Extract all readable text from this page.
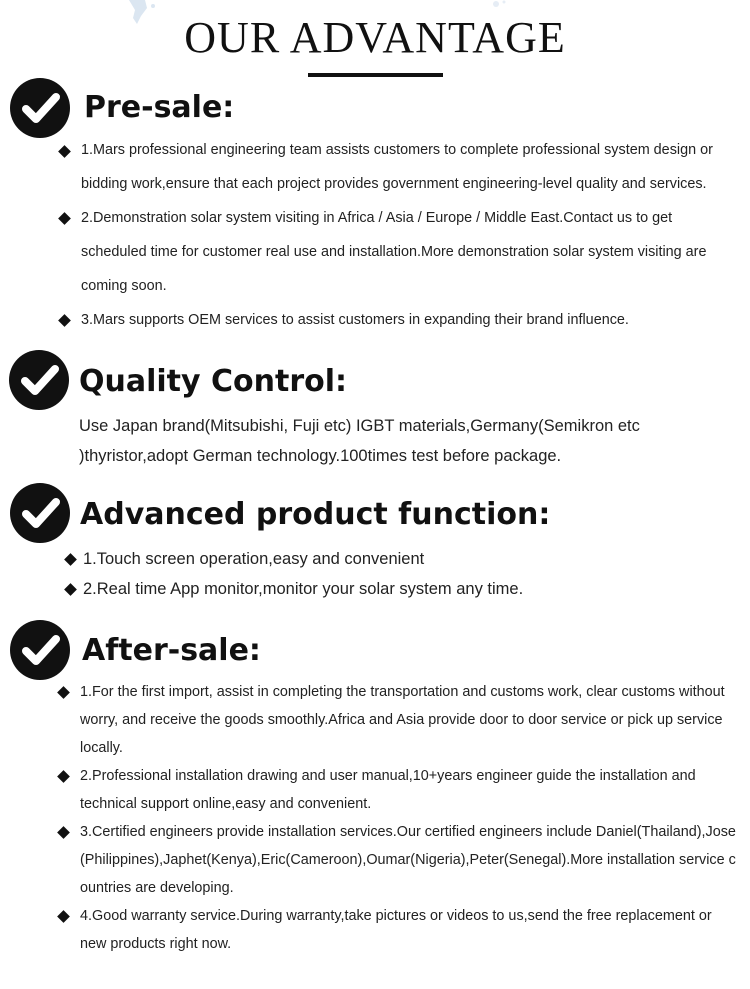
OUR ADVANTAGE
Pre-sale:
1.Mars professional engineering team assists customers to complete professional system design or bidding work,ensure that each project provides government engineering-level quality and services.
2.Demonstration solar system visiting in Africa / Asia / Europe / Middle East.Contact us to get scheduled time for customer real use and installation.More demonstration solar system visiting are coming soon.
3.Mars supports OEM services to assist customers in expanding their brand influence.
Quality Control:
Use Japan brand(Mitsubishi, Fuji etc) IGBT materials,Germany(Semikron etc
)thyristor,adopt German technology.100times test before package.
Advanced product function:
1.Touch screen operation,easy and convenient
2.Real time App monitor,monitor your solar system any time.
After-sale:
1.For the first import, assist in completing the transportation and customs work, clear customs without worry, and receive the goods smoothly.Africa and Asia provide door to door service or pick up service locally.
2.Professional installation drawing and user manual,10+years engineer guide the installation and technical support online,easy and convenient.
3.Certified engineers provide installation services.Our certified engineers include Daniel(Thailand),Jose(Philippines),Japhet(Kenya),Eric(Cameroon),Oumar(Nigeria),Peter(Senegal).More installation service countries are developing.
4.Good warranty service.During warranty,take pictures or videos to us,send the free replacement or new products right now.
